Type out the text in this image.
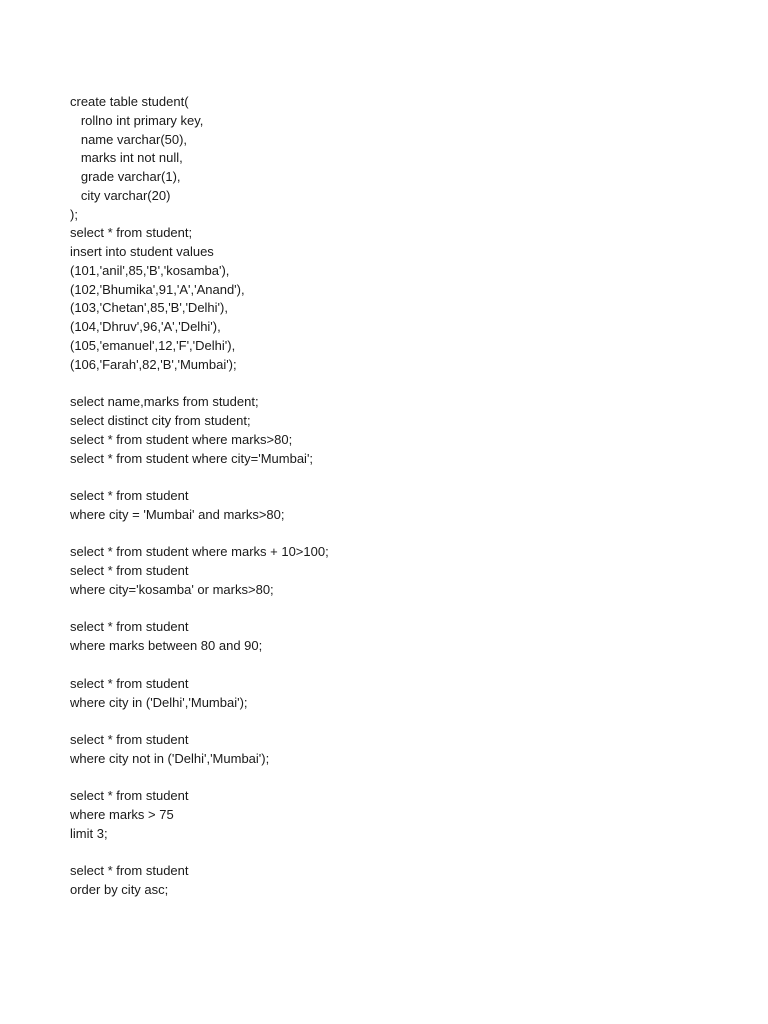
create table student(
rollno int primary key,
name varchar(50),
marks int not null,
grade varchar(1),
city varchar(20)
);
select * from student;
insert into student values
(101,'anil',85,'B','kosamba'),
(102,'Bhumika',91,'A','Anand'),
(103,'Chetan',85,'B','Delhi'),
(104,'Dhruv',96,'A','Delhi'),
(105,'emanuel',12,'F','Delhi'),
(106,'Farah',82,'B','Mumbai');
select name,marks from student;
select distinct city from student;
select * from student where marks>80;
select * from student where city='Mumbai';
select * from student
where city = 'Mumbai' and marks>80;
select * from student where marks + 10>100;
select * from student
where city='kosamba' or marks>80;
select * from student
where marks between 80 and 90;
select * from student
where city in ('Delhi','Mumbai');
select * from student
where city not in ('Delhi','Mumbai');
select * from student
where marks > 75
limit 3;
select * from student
order by city asc;
